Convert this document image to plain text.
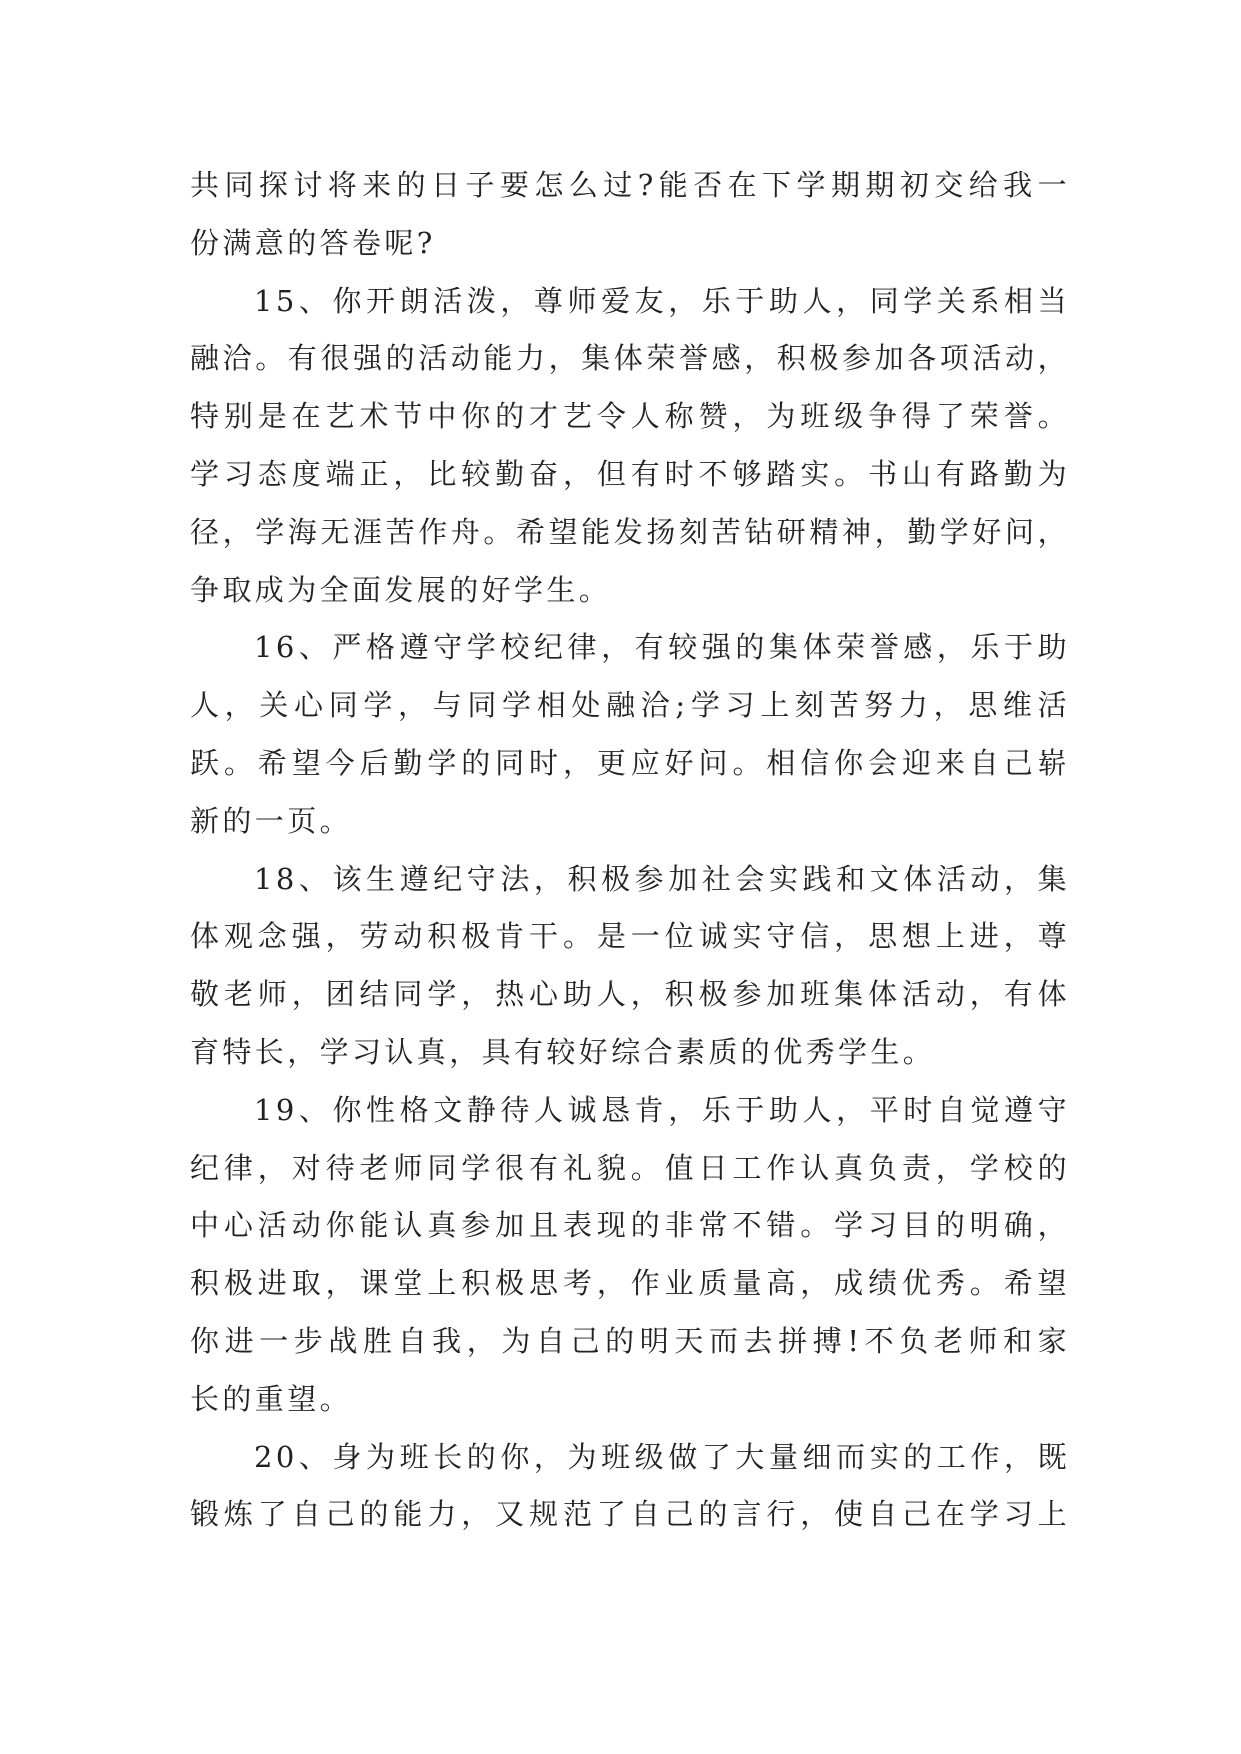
共同探讨将来的日子要怎么过?能否在下学期期初交给我一
份满意的答卷呢?

15、你开朗活泼，尊师爱友，乐于助人，同学关系相当
融洽。有很强的活动能力，集体荣誉感，积极参加各项活动，
特别是在艺术节中你的才艺令人称赞，为班级争得了荣誉。
学习态度端正，比较勤奋，但有时不够踏实。书山有路勤为
径，学海无涯苦作舟。希望能发扬刻苦钻研精神，勤学好问，
争取成为全面发展的好学生。

16、严格遵守学校纪律，有较强的集体荣誉感，乐于助
人，关心同学，与同学相处融洽;学习上刻苦努力，思维活
跃。希望今后勤学的同时，更应好问。相信你会迎来自己崭
新的一页。

18、该生遵纪守法，积极参加社会实践和文体活动，集
体观念强，劳动积极肯干。是一位诚实守信，思想上进，尊
敬老师，团结同学，热心助人，积极参加班集体活动，有体
育特长，学习认真，具有较好综合素质的优秀学生。

19、你性格文静待人诚恳肯，乐于助人，平时自觉遵守
纪律，对待老师同学很有礼貌。值日工作认真负责，学校的
中心活动你能认真参加且表现的非常不错。学习目的明确，
积极进取，课堂上积极思考，作业质量高，成绩优秀。希望
你进一步战胜自我，为自己的明天而去拼搏!不负老师和家
长的重望。

20、身为班长的你，为班级做了大量细而实的工作，既
锻炼了自己的能力，又规范了自己的言行，使自己在学习上
